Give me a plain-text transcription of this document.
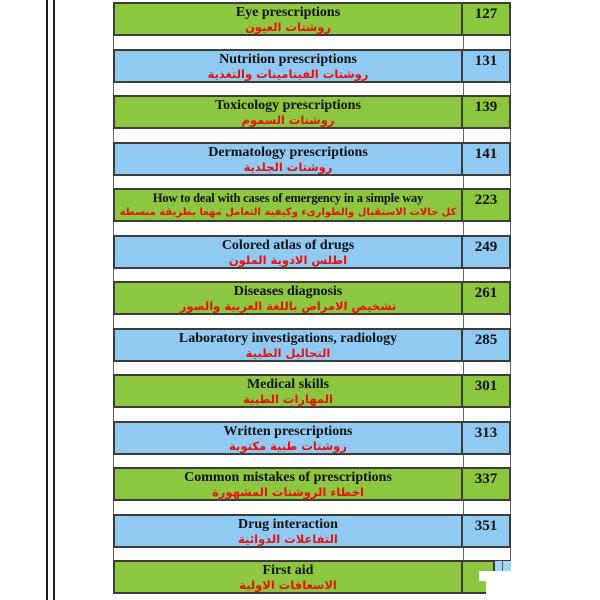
Eye prescriptions
روشتات العيون
127
Nutrition prescriptions
روشتات الفيتامينات والتغذية
131
Toxicology prescriptions
روشتات السموم
139
Dermatology prescriptions
روشتات الجلدية
141
How to deal with cases of emergency in a simple way
كل حالات الاستقبال والطوارىء وكيفية التعامل مهعا بطريقة مبسطة
223
Colored atlas of drugs
اطلس الادوية الملون
249
Diseases diagnosis
تشخيص الامراض باللغة العربية والصور
261
Laboratory investigations, radiology
التحاليل الطبية
285
Medical skills
المهارات الطبية
301
Written prescriptions
روشتات طبية مكتوبة
313
Common mistakes of prescriptions
اخطاء الروشتات المشهورة
337
Drug interaction
التفاعلات الدوائية
351
First aid
الاسعافات الاولية
